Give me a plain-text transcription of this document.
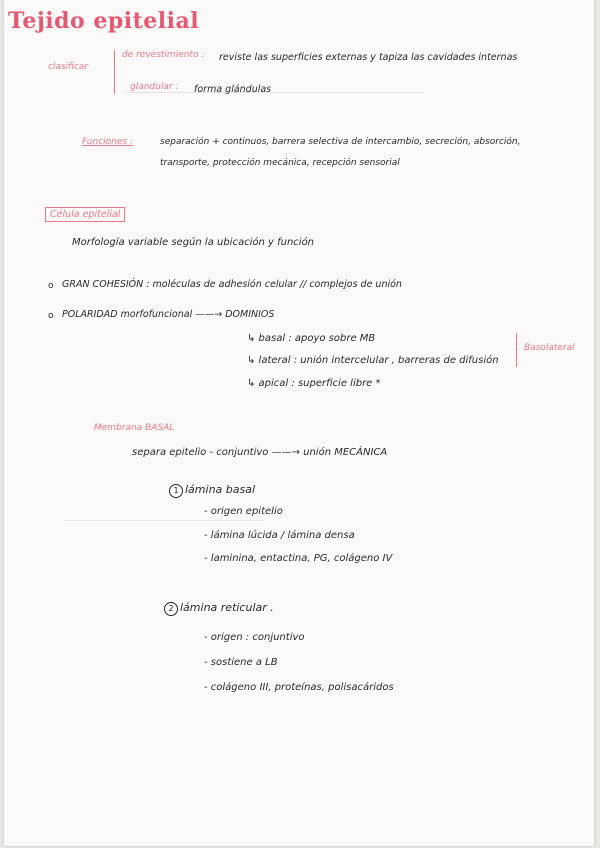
Tejido epitelial
clasificar
de revestimiento : reviste las superficies externas y tapiza las cavidades internas
glandular : forma glándulas
Funciones :	separación + continuos, barrera selectiva de intercambio, secreción, absorción,
transporte, protección mecánica, recepción sensorial
Célula epitelial
Morfología variable según la ubicación y función
o GRAN COHESIÓN : moléculas de adhesión celular // complejos de unión
o POLARIDAD morfofuncional ——→ DOMINIOS
↳ basal : apoyo sobre MB
↳ lateral : unión intercelular , barreras de difusión
↳ apical : superficie libre *
Basolateral
Membrana BASAL
separa epitelio - conjuntivo ——→ unión MECÁNICA
1 lámina basal
- origen epitelio
- lámina lúcida / lámina densa
- laminina, entactina, PG, colágeno IV
2 lámina reticular .
- origen : conjuntivo
- sostiene a LB
- colágeno III, proteínas, polisacáridos
